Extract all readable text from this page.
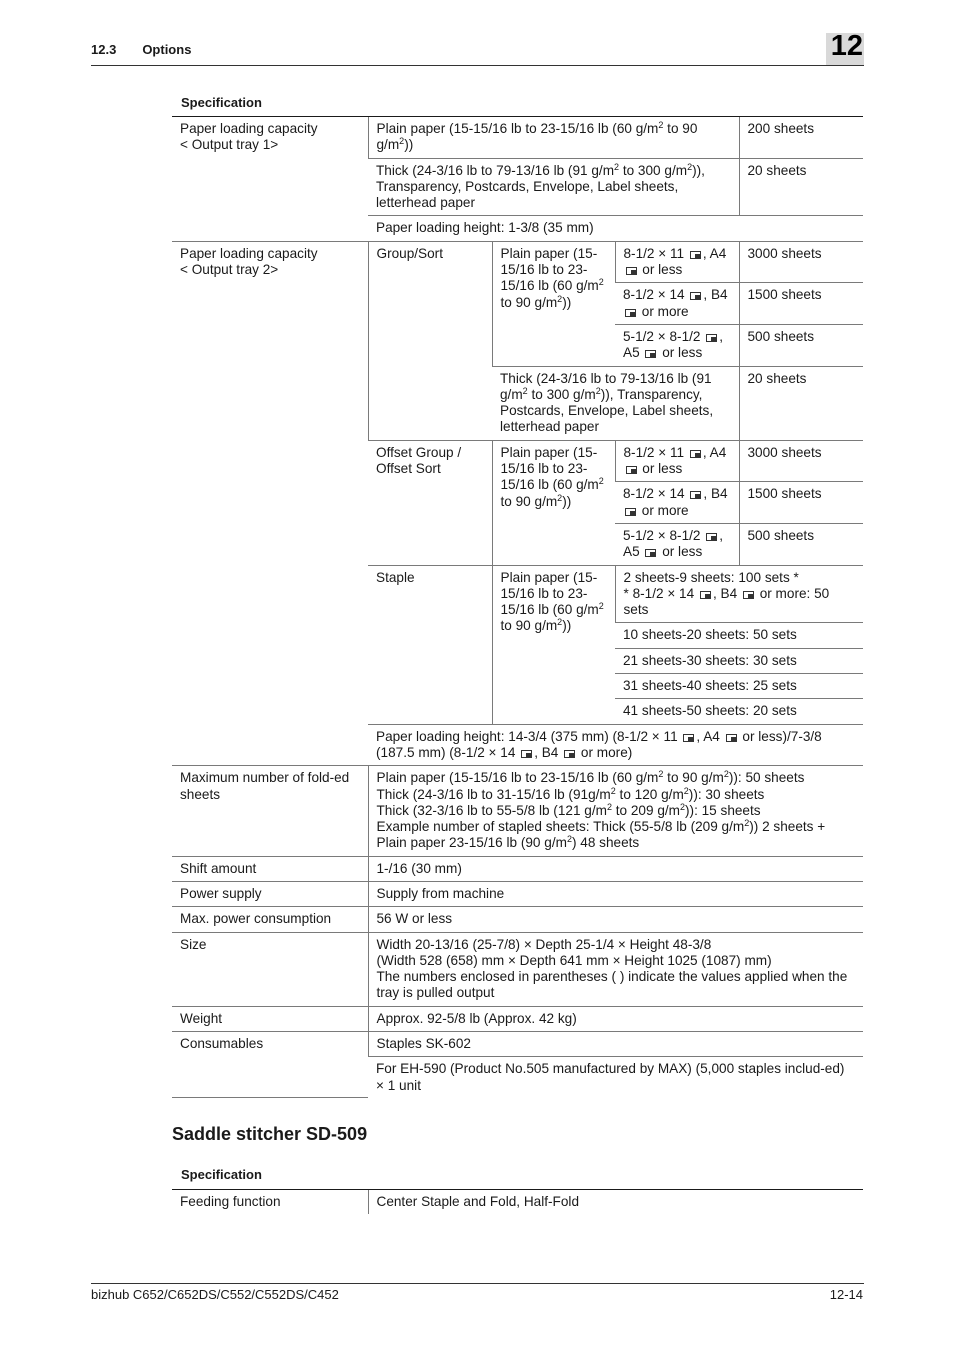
12.3 Options	12
Specification
Paper loading capacity
< Output tray 1>	Plain paper (15-15/16 lb to 23-15/16 lb (60 $g/m^2$ to 90 $g/m^2$))			200 sheets
	Thick (24-3/16 lb to 79-13/16 lb (91 $g/m^2$ to 300 $g/m^2$)), Transparency, Postcards, Envelope, Label sheets, letterhead paper			20 sheets
	Paper loading height: 1-3/8 (35 mm)			
Paper loading capacity
< Output tray 2>	Group/Sort	Plain paper (15-15/16 lb to 23-15/16 lb (60 $g/m^2$ to 90 $g/m^2$))	8-1/2 × 11 , A4  or less	3000 sheets
			8-1/2 × 14 , B4  or more	1500 sheets
			5-1/2 × 8-1/2 , A5  or less	500 sheets
		Thick (24-3/16 lb to 79-13/16 lb (91 $g/m^2$ to 300 $g/m^2$)), Transparency, Postcards, Envelope, Label sheets, letterhead paper		20 sheets
	Offset Group / Offset Sort	Plain paper (15-15/16 lb to 23-15/16 lb (60 $g/m^2$ to 90 $g/m^2$))	8-1/2 × 11 , A4  or less	3000 sheets
			8-1/2 × 14 , B4  or more	1500 sheets
			5-1/2 × 8-1/2 , A5  or less	500 sheets
	Staple	Plain paper (15-15/16 lb to 23-15/16 lb (60 $g/m^2$ to 90 $g/m^2$))	2 sheets-9 sheets: 100 sets *
* 8-1/2 × 14 , B4  or more: 50 sets	
			10 sheets-20 sheets: 50 sets	
			21 sheets-30 sheets: 30 sets	
			31 sheets-40 sheets: 25 sets	
			41 sheets-50 sheets: 20 sets	
	Paper loading height: 14-3/4 (375 mm) (8-1/2 × 11 , A4  or less)/7-3/8 (187.5 mm) (8-1/2 × 14 , B4  or more)			
Maximum number of fold-ed sheets	Plain paper (15-15/16 lb to 23-15/16 lb (60 $g/m^2$ to 90 $g/m^2$)): 50 sheets
Thick (24-3/16 lb to 31-15/16 lb ($91g/m^2$ to 120 $g/m^2$)): 30 sheets
Thick (32-3/16 lb to 55-5/8 lb (121 $g/m^2$ to 209 $g/m^2$)): 15 sheets
Example number of stapled sheets: Thick (55-5/8 lb (209 $g/m^2$)) 2 sheets + Plain paper 23-15/16 lb (90 $g/m^2$) 48 sheets			
Shift amount	1-/16 (30 mm)			
Power supply	Supply from machine			
Max. power consumption	56 W or less			
Size	Width 20-13/16 (25-7/8) × Depth 25-1/4 × Height 48-3/8
(Width 528 (658) mm × Depth 641 mm × Height 1025 (1087) mm)
The numbers enclosed in parentheses ( ) indicate the values applied when the tray is pulled output			
Weight	Approx. 92-5/8 lb (Approx. 42 kg)			
Consumables	Staples SK-602			
	For EH-590 (Product No.505 manufactured by MAX) (5,000 staples includ-ed) × 1 unit			
Saddle stitcher SD-509
Specification
Feeding function	Center Staple and Fold, Half-Fold
bizhub C652/C652DS/C552/C552DS/C452	12-14
